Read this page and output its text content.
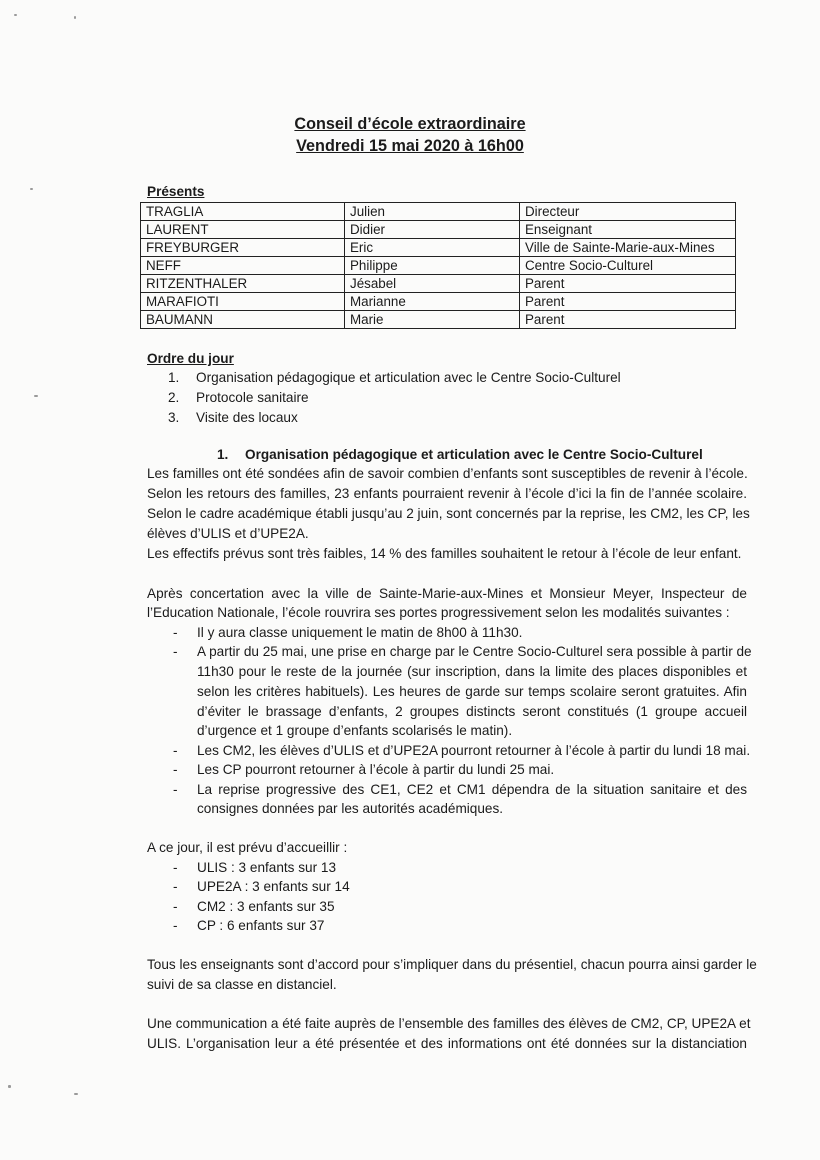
Conseil d’école extraordinaire
Vendredi 15 mai 2020 à 16h00
Présents
TRAGLIA	Julien	Directeur
LAURENT	Didier	Enseignant
FREYBURGER	Eric	Ville de Sainte-Marie-aux-Mines
NEFF	Philippe	Centre Socio-Culturel
RITZENTHALER	Jésabel	Parent
MARAFIOTI	Marianne	Parent
BAUMANN	Marie	Parent
Ordre du jour
1.	Organisation pédagogique et articulation avec le Centre Socio-Culturel
2.	Protocole sanitaire
3.	Visite des locaux
1. Organisation pédagogique et articulation avec le Centre Socio-Culturel
Les familles ont été sondées afin de savoir combien d’enfants sont susceptibles de revenir à l’école.
Selon les retours des familles, 23 enfants pourraient revenir à l’école d’ici la fin de l’année scolaire.
Selon le cadre académique établi jusqu’au 2 juin, sont concernés par la reprise, les CM2, les CP, les
élèves d’ULIS et d’UPE2A.
Les effectifs prévus sont très faibles, 14 % des familles souhaitent le retour à l’école de leur enfant.
Après concertation avec la ville de Sainte-Marie-aux-Mines et Monsieur Meyer, Inspecteur de
l’Education Nationale, l’école rouvrira ses portes progressivement selon les modalités suivantes :
- Il y aura classe uniquement le matin de 8h00 à 11h30.
- A partir du 25 mai, une prise en charge par le Centre Socio-Culturel sera possible à partir de
11h30 pour le reste de la journée (sur inscription, dans la limite des places disponibles et
selon les critères habituels). Les heures de garde sur temps scolaire seront gratuites. Afin
d’éviter le brassage d’enfants, 2 groupes distincts seront constitués (1 groupe accueil
d’urgence et 1 groupe d’enfants scolarisés le matin).
- Les CM2, les élèves d’ULIS et d’UPE2A pourront retourner à l’école à partir du lundi 18 mai.
- Les CP pourront retourner à l’école à partir du lundi 25 mai.
- La reprise progressive des CE1, CE2 et CM1 dépendra de la situation sanitaire et des
consignes données par les autorités académiques.
A ce jour, il est prévu d’accueillir :
- ULIS : 3 enfants sur 13
- UPE2A : 3 enfants sur 14
- CM2 : 3 enfants sur 35
- CP : 6 enfants sur 37
Tous les enseignants sont d’accord pour s’impliquer dans du présentiel, chacun pourra ainsi garder le
suivi de sa classe en distanciel.
Une communication a été faite auprès de l’ensemble des familles des élèves de CM2, CP, UPE2A et
ULIS. L’organisation leur a été présentée et des informations ont été données sur la distanciation
